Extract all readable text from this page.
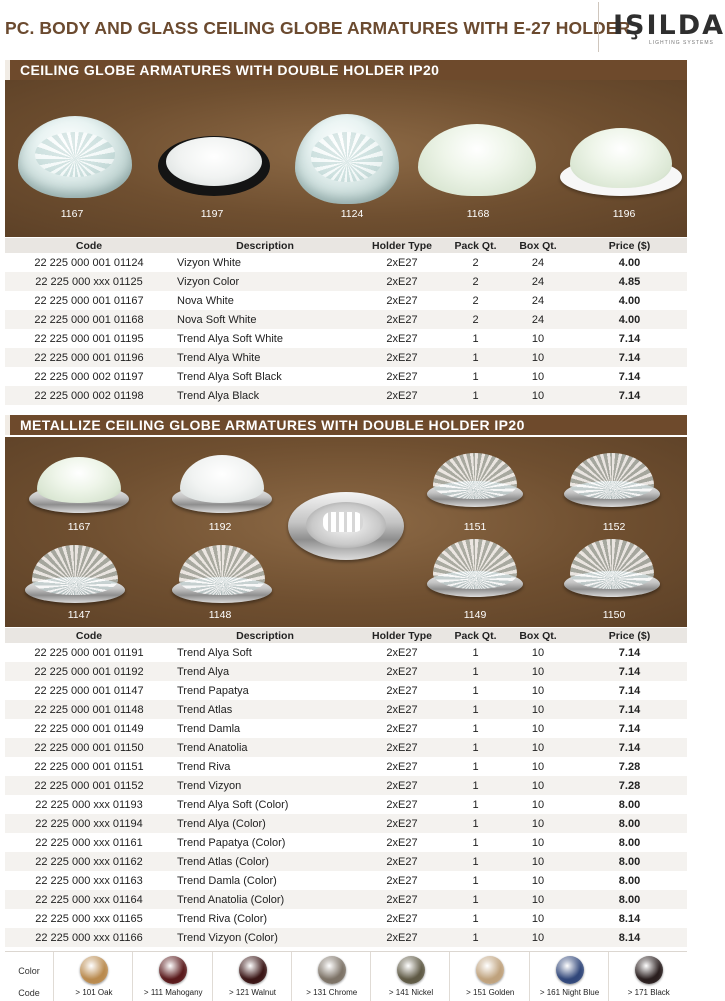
PC. BODY AND GLASS CEILING GLOBE ARMATURES WITH E-27 HOLDER
IŞILDA
LIGHTING SYSTEMS
CEILING GLOBE ARMATURES WITH DOUBLE HOLDER IP20
1167	1197	1124	1168	1196
Code	Description	Holder Type	Pack Qt.	Box Qt.	Price ($)
22 225 000 001 01124	Vizyon White	2xE27	2	24	4.00
22 225 000 xxx 01125	Vizyon Color	2xE27	2	24	4.85
22 225 000 001 01167	Nova White	2xE27	2	24	4.00
22 225 000 001 01168	Nova Soft White	2xE27	2	24	4.00
22 225 000 001 01195	Trend Alya Soft White	2xE27	1	10	7.14
22 225 000 001 01196	Trend Alya White	2xE27	1	10	7.14
22 225 000 002 01197	Trend Alya Soft Black	2xE27	1	10	7.14
22 225 000 002 01198	Trend Alya Black	2xE27	1	10	7.14
METALLIZE CEILING GLOBE ARMATURES WITH DOUBLE HOLDER IP20
1167	1192	1151	1152
1147	1148	1149	1150
Code	Description	Holder Type	Pack Qt.	Box Qt.	Price ($)
22 225 000 001 01191	Trend Alya Soft	2xE27	1	10	7.14
22 225 000 001 01192	Trend Alya	2xE27	1	10	7.14
22 225 000 001 01147	Trend Papatya	2xE27	1	10	7.14
22 225 000 001 01148	Trend Atlas	2xE27	1	10	7.14
22 225 000 001 01149	Trend Damla	2xE27	1	10	7.14
22 225 000 001 01150	Trend Anatolia	2xE27	1	10	7.14
22 225 000 001 01151	Trend Riva	2xE27	1	10	7.28
22 225 000 001 01152	Trend Vizyon	2xE27	1	10	7.28
22 225 000 xxx 01193	Trend Alya Soft (Color)	2xE27	1	10	8.00
22 225 000 xxx 01194	Trend Alya (Color)	2xE27	1	10	8.00
22 225 000 xxx 01161	Trend Papatya (Color)	2xE27	1	10	8.00
22 225 000 xxx 01162	Trend Atlas (Color)	2xE27	1	10	8.00
22 225 000 xxx 01163	Trend Damla (Color)	2xE27	1	10	8.00
22 225 000 xxx 01164	Trend Anatolia (Color)	2xE27	1	10	8.00
22 225 000 xxx 01165	Trend Riva (Color)	2xE27	1	10	8.14
22 225 000 xxx 01166	Trend Vizyon (Color)	2xE27	1	10	8.14
Color
Code	> 101 Oak	> 111 Mahogany	> 121 Walnut	> 131 Chrome	> 141 Nickel	> 151 Golden	> 161 Night Blue	> 171 Black
